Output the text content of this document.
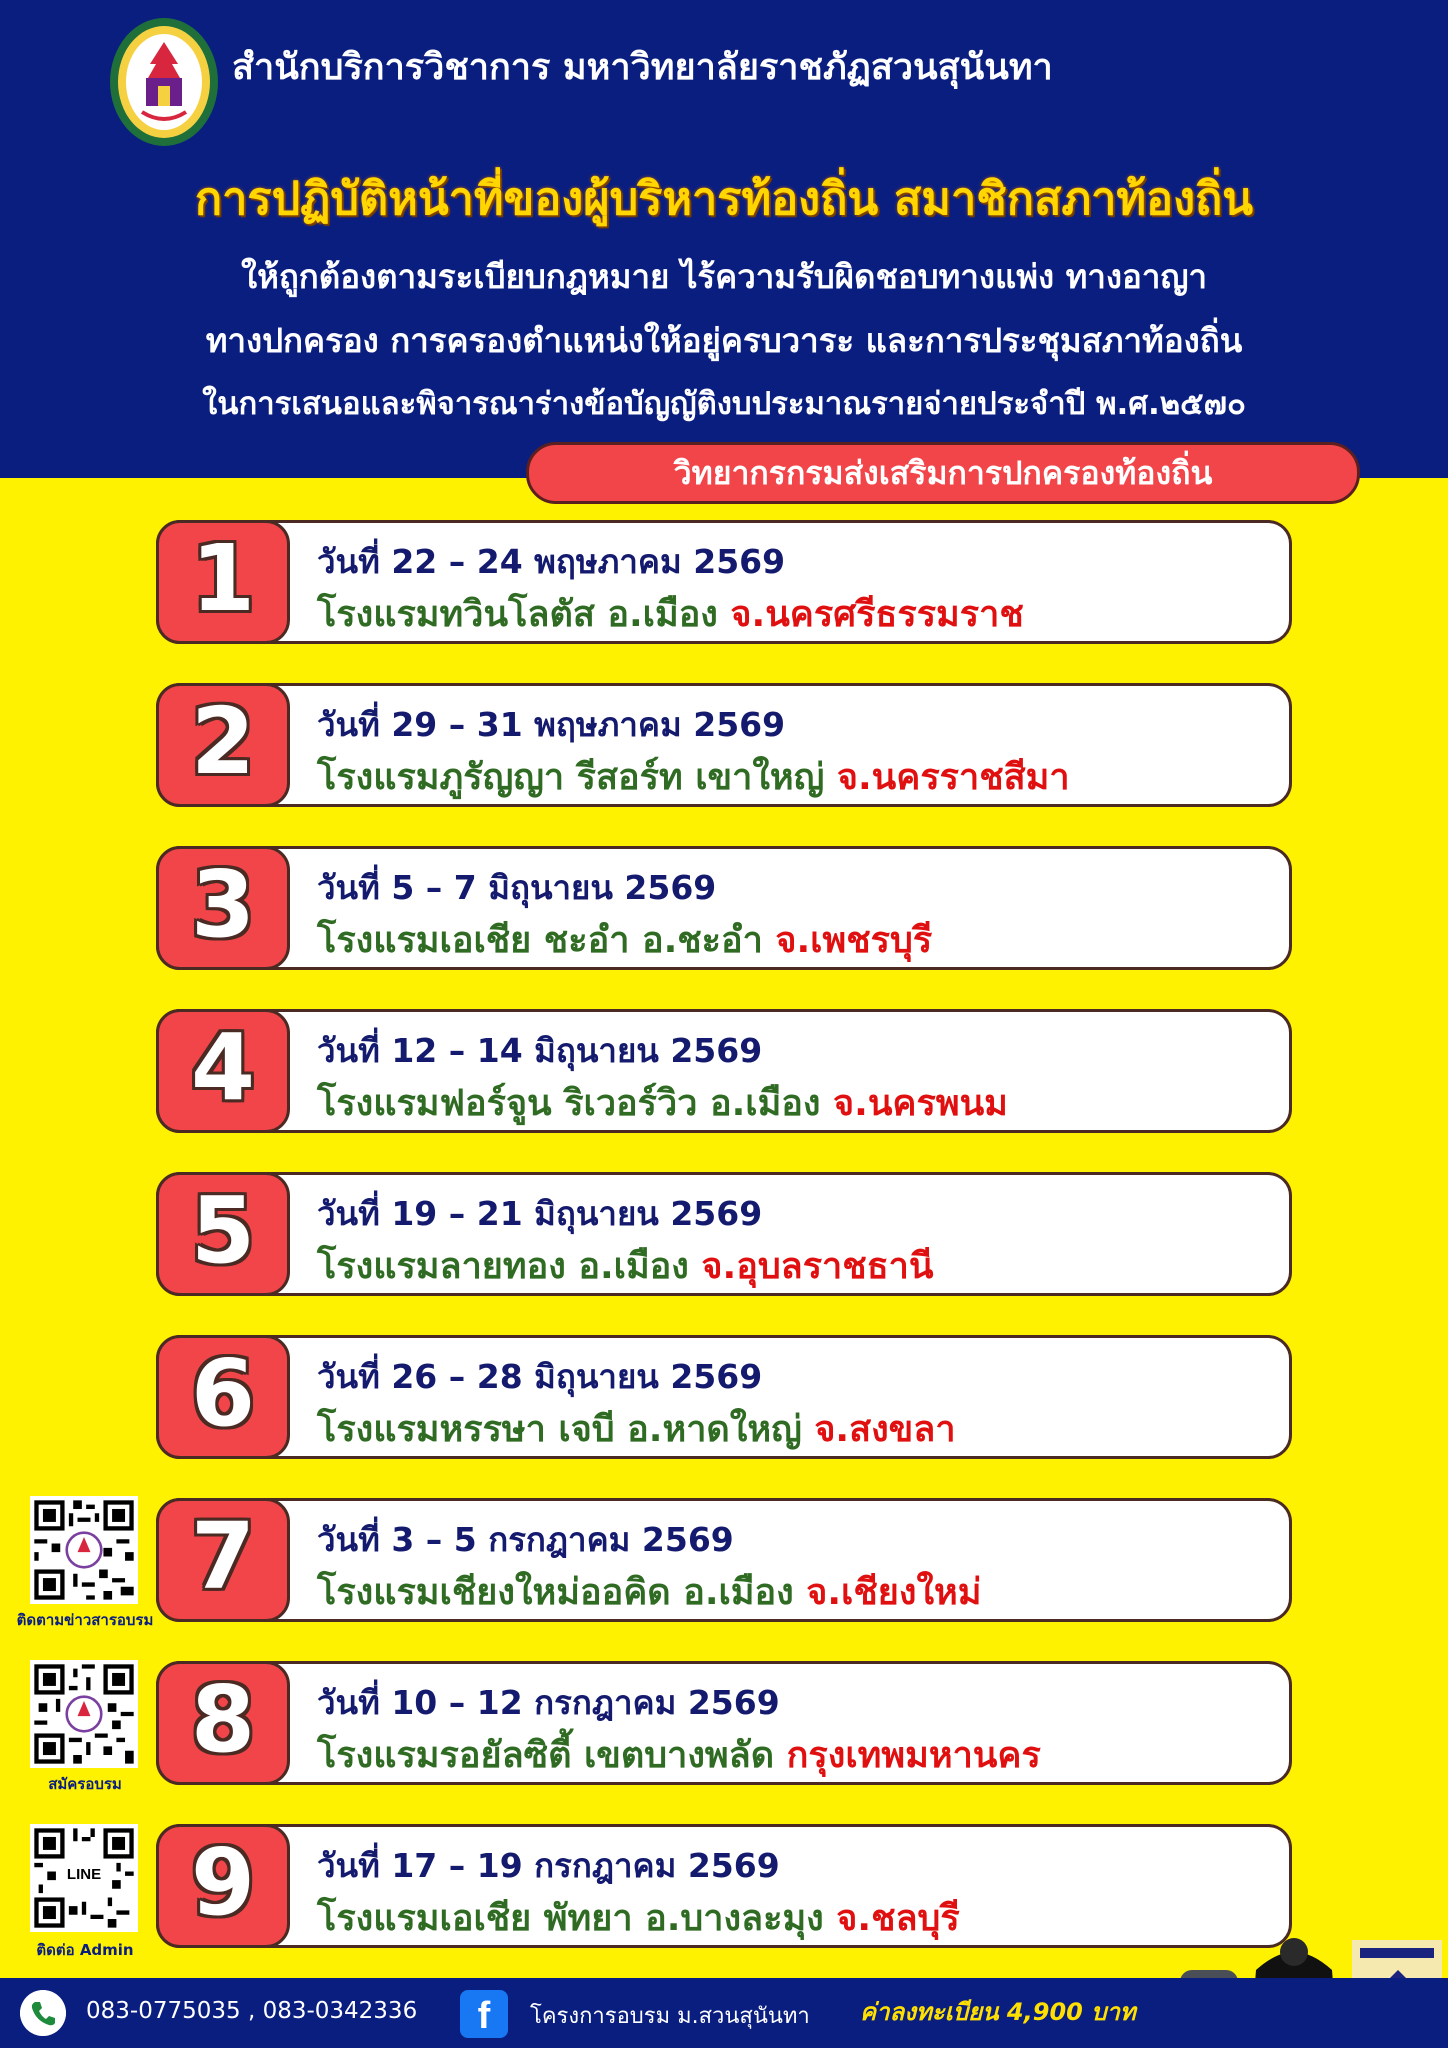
สำนักบริการวิชาการ มหาวิทยาลัยราชภัฏสวนสุนันทา
การปฏิบัติหน้าที่ของผู้บริหารท้องถิ่น สมาชิกสภาท้องถิ่น
ให้ถูกต้องตามระเบียบกฎหมาย ไร้ความรับผิดชอบทางแพ่ง ทางอาญา
ทางปกครอง การครองตำแหน่งให้อยู่ครบวาระ และการประชุมสภาท้องถิ่น
ในการเสนอและพิจารณาร่างข้อบัญญัติงบประมาณรายจ่ายประจำปี พ.ศ.๒๕๗๐
วิทยากรกรมส่งเสริมการปกครองท้องถิ่น
1	วันที่ 22 – 24 พฤษภาคม 2569
โรงแรมทวินโลตัส อ.เมือง จ.นครศรีธรรมราช
2	วันที่ 29 – 31 พฤษภาคม 2569
โรงแรมภูรัญญา รีสอร์ท เขาใหญ่ จ.นครราชสีมา
3	วันที่ 5 – 7 มิถุนายน 2569
โรงแรมเอเชีย ชะอำ อ.ชะอำ จ.เพชรบุรี
4	วันที่ 12 – 14 มิถุนายน 2569
โรงแรมฟอร์จูน ริเวอร์วิว อ.เมือง จ.นครพนม
5	วันที่ 19 – 21 มิถุนายน 2569
โรงแรมลายทอง อ.เมือง จ.อุบลราชธานี
6	วันที่ 26 – 28 มิถุนายน 2569
โรงแรมหรรษา เจบี อ.หาดใหญ่ จ.สงขลา
7	วันที่ 3 – 5 กรกฎาคม 2569
โรงแรมเชียงใหม่ออคิด อ.เมือง จ.เชียงใหม่
8	วันที่ 10 – 12 กรกฎาคม 2569
โรงแรมรอยัลซิตี้ เขตบางพลัด กรุงเทพมหานคร
9	วันที่ 17 – 19 กรกฎาคม 2569
โรงแรมเอเชีย พัทยา อ.บางละมุง จ.ชลบุรี
ติดตามข่าวสารอบรม
สมัครอบรม
LINE
ติดต่อ Admin
083-0775035 , 083-0342336	f	โครงการอบรม ม.สวนสุนันทา ค่าลงทะเบียน 4,900 บาท
